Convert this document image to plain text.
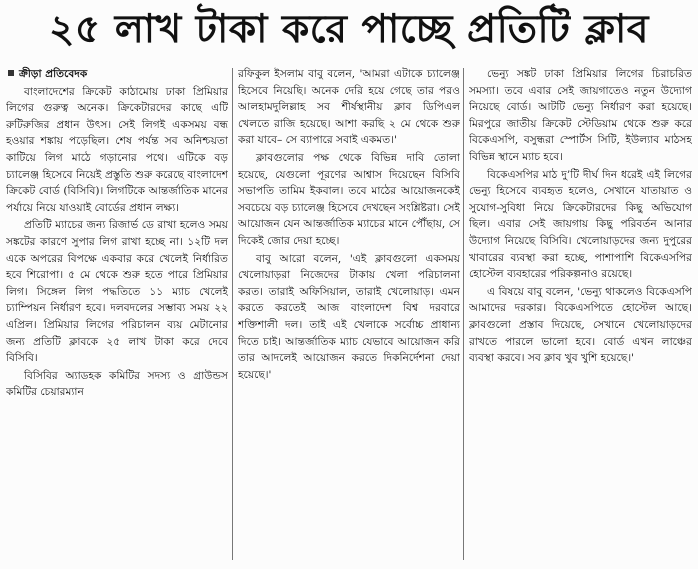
২৫ লাখ টাকা করে পাচ্ছে প্রতিটি ক্লাব
ক্রীড়া প্রতিবেদক

বাংলাদেশের ক্রিকেট কাঠামোয় ঢাকা প্রিমিয়ার লিগের গুরুত্ব অনেক। ক্রিকেটারদের কাছে এটি রুটিরুজির প্রধান উৎস। সেই লিগই একসময় বন্ধ হওয়ার শঙ্কায় পড়েছিল। শেষ পর্যন্ত সব অনিশ্চয়তা কাটিয়ে লিগ মাঠে গড়ানোর পথে। এটিকে বড় চ্যালেঞ্জ হিসেবে নিয়েই প্রস্তুতি শুরু করেছে বাংলাদেশ ক্রিকেট বোর্ড (বিসিবি)। লিগটিকে আন্তর্জাতিক মানের পর্যায়ে নিয়ে যাওয়াই বোর্ডের প্রধান লক্ষ্য।

প্রতিটি ম্যাচের জন্য রিজার্ভ ডে রাখা হলেও সময় সঙ্কটের কারণে সুপার লিগ রাখা হচ্ছে না। ১২টি দল একে অপরের বিপক্ষে একবার করে খেলেই নির্ধারিত হবে শিরোপা। ৫ মে থেকে শুরু হতে পারে প্রিমিয়ার লিগ। সিঙ্গেল লিগ পদ্ধতিতে ১১ ম্যাচ খেলেই চ্যাম্পিয়ন নির্ধারণ হবে। দলবদলের সম্ভাব্য সময় ২২ এপ্রিল। প্রিমিয়ার লিগের পরিচালন ব্যয় মেটানোর জন্য প্রতিটি ক্লাবকে ২৫ লাখ টাকা করে দেবে বিসিবি।

বিসিবির অ্যাডহক কমিটির সদস্য ও গ্রাউন্ডস কমিটির চেয়ারম্যান

রফিকুল ইসলাম বাবু বলেন, 'আমরা এটাকে চ্যালেঞ্জ হিসেবে নিয়েছি। অনেক দেরি হয়ে গেছে তার পরও আলহামদুলিল্লাহ সব শীর্ষস্থানীয় ক্লাব ডিপিএল খেলতে রাজি হয়েছে। আশা করছি ২ মে থেকে শুরু করা যাবে– সে ব্যাপারে সবাই একমত।'

ক্লাবগুলোর পক্ষ থেকে বিভিন্ন দাবি তোলা হয়েছে, যেগুলো পূরণের আশ্বাস দিয়েছেন বিসিবি সভাপতি তামিম ইকবাল। তবে মাঠের আয়োজনকেই সবচেয়ে বড় চ্যালেঞ্জ হিসেবে দেখছেন সংশ্লিষ্টরা। সেই আয়োজন যেন আন্তর্জাতিক ম্যাচের মানে পৌঁছায়, সে দিকেই জোর দেয়া হচ্ছে।

বাবু আরো বলেন, 'এই ক্লাবগুলো একসময় খেলোয়াড়রা নিজেদের টাকায় খেলা পরিচালনা করত। তারাই অফিসিয়াল, তারাই খেলোয়াড়। এমন করতে করতেই আজ বাংলাদেশ বিশ্ব দরবারে শক্তিশালী দল। তাই এই খেলাকে সর্বোচ্চ প্রাধান্য দিতে চাই। আন্তর্জাতিক ম্যাচ যেভাবে আয়োজন করি তার আদলেই আয়োজন করতে দিকনির্দেশনা দেয়া হয়েছে।'

ভেন্যু সঙ্কট ঢাকা প্রিমিয়ার লিগের চিরাচরিত সমস্যা। তবে এবার সেই জায়গাতেও নতুন উদ্যোগ নিয়েছে বোর্ড। আটটি ভেন্যু নির্ধারণ করা হয়েছে। মিরপুরে জাতীয় ক্রিকেট স্টেডিয়াম থেকে শুরু করে বিকেএসপি, বসুন্ধরা স্পোর্টস সিটি, ইউল্যাব মাঠসহ বিভিন্ন স্থানে ম্যাচ হবে।

বিকেএসপির মাঠ দু’টি দীর্ঘ দিন ধরেই এই লিগের ভেন্যু হিসেবে ব্যবহৃত হলেও, সেখানে যাতায়াত ও সুযোগ-সুবিধা নিয়ে ক্রিকেটারদের কিছু অভিযোগ ছিল। এবার সেই জায়গায় কিছু পরিবর্তন আনার উদ্যোগ নিয়েছে বিসিবি। খেলোয়াড়দের জন্য দুপুরের খাবারের ব্যবস্থা করা হচ্ছে, পাশাপাশি বিকেএসপির হোস্টেল ব্যবহারের পরিকল্পনাও রয়েছে।

এ বিষয়ে বাবু বলেন, 'ভেন্যু থাকলেও বিকেএসপি আমাদের দরকার। বিকেএসপিতে হোস্টেল আছে। ক্লাবগুলো প্রস্তাব দিয়েছে, সেখানে খেলোয়াড়দের রাখতে পারলে ভালো হবে। বোর্ড এখন লাঞ্চের ব্যবস্থা করবে। সব ক্লাব খুব খুশি হয়েছে।'
